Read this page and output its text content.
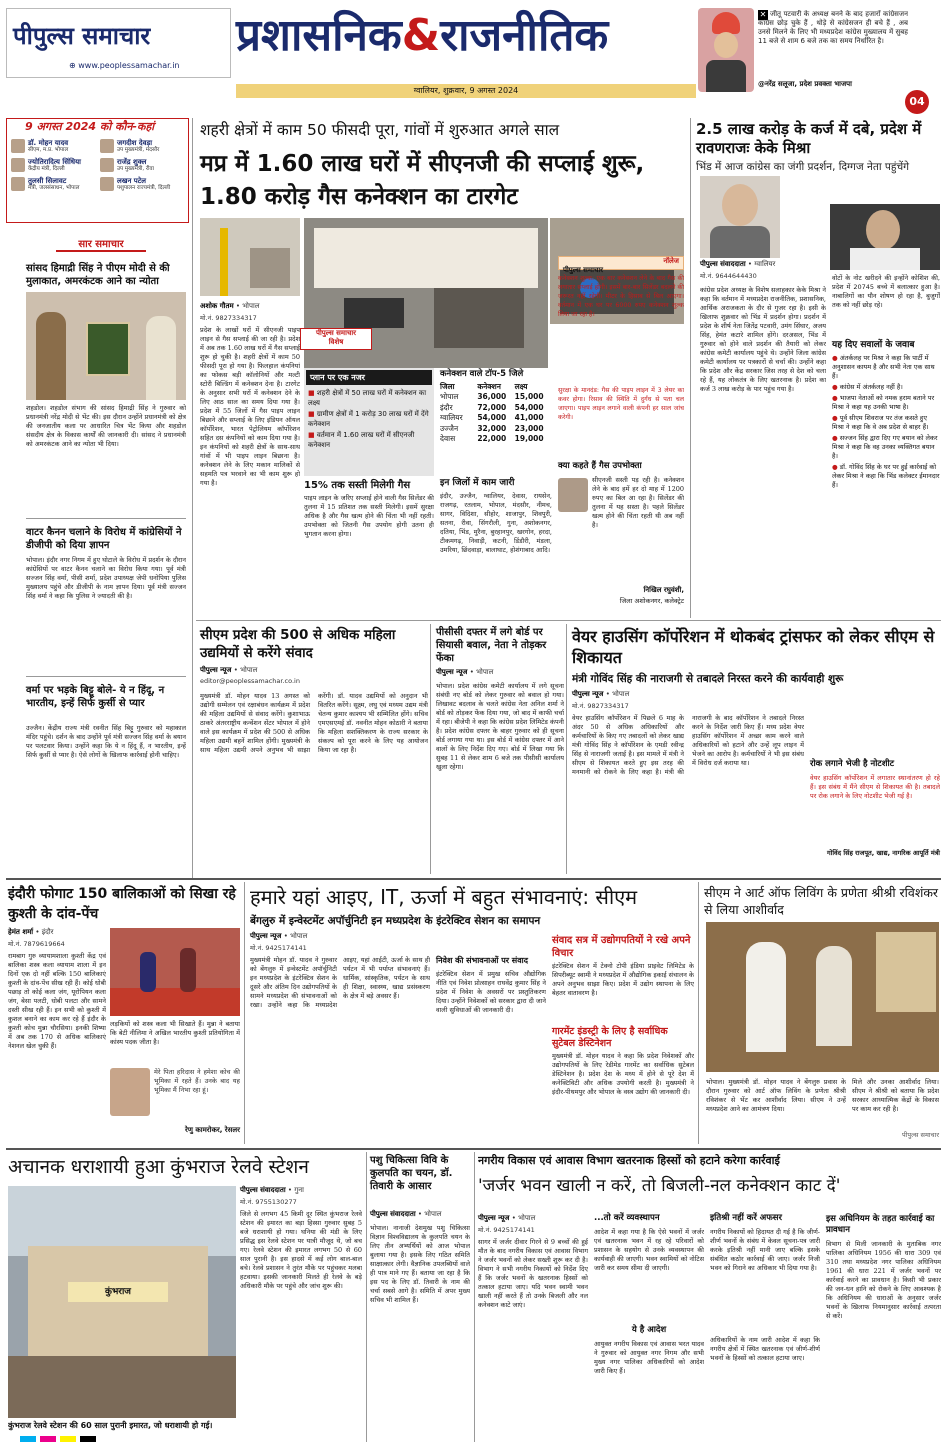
पीपुल्स समाचार
⊕ www.peoplessamachar.in
प्रशासनिक&राजनीतिक
ग्वालियर, शुक्रवार, 9 अगस्त 2024
✕ जीतू पटवारी के अध्यक्ष बनने के बाद हजारों कांग्रेसजन कांग्रेस छोड़ चुके हैं , थोड़े से कांग्रेसजन ही बचे हैं , अब उनसे मिलने के लिए भी मध्यप्रदेश कांग्रेस मुख्यालय में सुबह 11 बजे से शाम 6 बजे तक का समय निर्धारित है।
@नरेंद्र सलूजा, प्रदेश प्रवक्ता भाजपा
04
9 अगस्त 2024 को कौन-कहां
डॉ. मोहन यादव
सीएम, म.प्र. भोपाल
जगदीश देवड़ा
उप मुख्यमंत्री, मंदसौर
ज्योतिरादित्य सिंधिया
केंद्रीय मंत्री, दिल्ली
राजेंद्र शुक्ल
उप मुख्यमंत्री, रीवा
तुलसी सिलावट
मंत्री, जलसंसाधन, भोपाल
लखन पटेल
पशुपालन राज्यमंत्री, दिल्ली
सार समाचार
सांसद हिमाद्री सिंह ने पीएम मोदी से की मुलाकात, अमरकंटक आने का न्योता
शहडोल। शहडोल संभाग की सांसद हिमाद्री सिंह ने गुरुवार को प्रधानमंत्री नरेंद्र मोदी से भेंट की। इस दौरान उन्होंने प्रधानमंत्री को क्षेत्र की जनजातीय कला पर आधारित चित्र भेंट किया और शहडोल संसदीय क्षेत्र के विकास कार्यों की जानकारी दी। सांसद ने प्रधानमंत्री को अमरकंटक आने का न्योता भी दिया।
वाटर कैनन चलाने के विरोध में कांग्रेसियों ने डीजीपी को दिया ज्ञापन
भोपाल। इंदौर नगर निगम में हुए घोटाले के विरोध में प्रदर्शन के दौरान कांग्रेसियों पर वाटर कैनन चलाने का विरोध किया गया। पूर्व मंत्री सज्जन सिंह वर्मा, पीसी शर्मा, प्रदेश उपाध्यक्ष जेपी धनोपिया पुलिस मुख्यालय पहुंचे और डीजीपी के नाम ज्ञापन दिया। पूर्व मंत्री सज्जन सिंह वर्मा ने कहा कि पुलिस ने ज्यादती की है।
वर्मा पर भड़के बिट्टू बोले- ये न हिंदू, न भारतीय, इन्हें सिर्फ कुर्सी से प्यार
उज्जैन। केंद्रीय राज्य मंत्री रवनीत सिंह बिट्टू गुरुवार को महाकाल मंदिर पहुंचे। दर्शन के बाद उन्होंने पूर्व मंत्री सज्जन सिंह वर्मा के बयान पर पलटवार किया। उन्होंने कहा कि ये न हिंदू हैं, न भारतीय, इन्हें सिर्फ कुर्सी से प्यार है। ऐसे लोगों के खिलाफ कार्रवाई होनी चाहिए।
शहरी क्षेत्रों में काम 50 फीसदी पूरा, गांवों में शुरुआत अगले साल
मप्र में 1.60 लाख घरों में सीएनजी की सप्लाई शुरू, 1.80 करोड़ गैस कनेक्शन का टारगेट
अशोक गौतम • भोपाल
मो.नं. 9827334317
प्रदेश के लाखों घरों में सीएनजी पाइप लाइन से गैस सप्लाई की जा रही है। प्रदेश में अब तक 1.60 लाख घरों में गैस सप्लाई शुरू हो चुकी है। शहरी क्षेत्रों में काम 50 फीसदी पूरा हो गया है। फिलहाल कंपनियां का फोकस बड़ी कॉलोनियों और मल्टी स्टोरी बिल्डिंग में कनेक्शन देना है। टारगेट के अनुसार सभी घरों में कनेक्शन देने के लिए आठ साल का समय दिया गया है। प्रदेश में 55 जिलों में गैस पाइप लाइन बिछाने और सप्लाई के लिए इंडियन ऑयल कॉर्पोरेशन, भारत पेट्रोलियम कॉर्पोरेशन सहित दस कंपनियों को काम दिया गया है। इन कंपनियों को शहरी क्षेत्रों के साथ-साथ गांवों में भी पाइप लाइन बिछाना है। कनेक्शन लेने के लिए मकान मालिकों से सहमति पत्र भरवाने का भी काम शुरू हो गया है।
पीपुल्स समाचार
विशेष
प्लान पर एक नजर
■ शहरी क्षेत्रों में 50 लाख घरों में कनेक्शन का लक्ष्य
■ ग्रामीण क्षेत्रों में 1 करोड़ 30 लाख घरों में देंगे कनेक्शन
■ वर्तमान में 1.60 लाख घरों में सीएनजी कनेक्शन
15% तक सस्ती मिलेगी गैस
पाइप लाइन के जरिए सप्लाई होने वाली गैस सिलेंडर की तुलना में 15 प्रतिशत तक सस्ती मिलेगी। इसमें सुरक्षा अधिक है और गैस खत्म होने की चिंता भी नहीं रहती। उपभोक्ता को जितनी गैस उपयोग होगी उतना ही भुगतान करना होगा।
कनेक्शन वाले टॉप-5 जिले
जिला	कनेक्शन	लक्ष्य
भोपाल	36,000	15,000
इंदौर	72,000	54,000
ग्वालियर	54,000	41,000
उज्जैन	32,000	23,000
देवास	22,000	19,000
इन जिलों में काम जारी
इंदौर, उज्जैन, ग्वालियर, देवास, रायसेन, राजगढ़, रतलाम, भोपाल, मंदसौर, नीमच, सागर, विदिशा, सीहोर, शाजापुर, शिवपुरी, सतना, रीवा, सिंगरौली, गुना, अशोकनगर, दतिया, भिंड, मुरैना, बुरहानपुर, खरगोन, हरदा, टीकमगढ़, निवाड़ी, कटनी, डिंडौरी, मंडला, उमरिया, छिंदवाड़ा, बालाघाट, होशंगाबाद आदि।
पीपुल्स समाचार
नॉलेज
कनेक्शन शुल्क: एक बार कनेक्शन लेने के बाद गैस की लगातार सप्लाई होगी। इसमें बार-बार सिलेंडर बदलने की जरूरत नहीं रहेगी। मीटर के हिसाब से बिल आएगा। वर्तमान में एक घर पर 6000 रुपए कनेक्शन शुल्क लिया जा रहा है।
सुरक्षा के मानदंड: गैस की पाइप लाइन में 3 लेयर का कवर होगा। रिसाव की स्थिति में दुर्गंध से पता चल जाएगा। पाइप लाइन लगाने वाली कंपनी हर साल जांच करेगी।
क्या कहते हैं गैस उपभोक्ता
सीएनजी सस्ती पड़ रही है। कनेक्शन लेने के बाद हमें हर दो माह में 1200 रुपए का बिल आ रहा है। सिलेंडर की तुलना में यह सस्ता है। पहले सिलेंडर खत्म होने की चिंता रहती थी अब नहीं है।
निखिल रघुवंशी,
जिला अशोकनगर, कलेक्ट्रेट
2.5 लाख करोड़ के कर्ज में दबे, प्रदेश में रावणराजः केके मिश्रा
भिंड में आज कांग्रेस का जंगी प्रदर्शन, दिग्गज नेता पहुंचेंगे
पीपुल्स संवाददाता • ग्वालियर
मो.नं. 9644644430
कांग्रेस प्रदेश अध्यक्ष के विशेष सलाहकार केके मिश्रा ने कहा कि वर्तमान में मध्यप्रदेश राजनीतिक, प्रशासनिक, आर्थिक अराजकता के दौर से गुजर रहा है। इसी के खिलाफ शुक्रवार को भिंड में प्रदर्शन होगा। प्रदर्शन में प्रदेश के शीर्ष नेता जितेंद्र पटवारी, उमंग सिंघार, अजय सिंह, हेमंत कटारे शामिल होंगे। दरअसल, भिंड में गुरुवार को होने वाले प्रदर्शन की तैयारी को लेकर कांग्रेस कमेटी कार्यालय पहुंचे थे। उन्होंने जिला कांग्रेस कमेटी कार्यालय पर पत्रकारों से चर्चा की। उन्होंने कहा कि प्रदेश और केंद्र सरकार जिस तरह से देश को चला रहे हैं, यह लोकतंत्र के लिए खतरनाक है। प्रदेश का कर्ज 3 लाख करोड़ के पार पहुंच गया है।
वोटों के नोट खरीदने की इन्होंने कोशिश की, प्रदेश में 20745 बच्चे में बलात्कार हुआ है। नाबालिगों का यौन शोषण हो रहा है, बुजुर्गों तक को नहीं छोड़ रहे।
यह दिए सवालों के जवाब
● अंतर्कलह पर मिश्रा ने कहा कि पार्टी में अनुशासन कायम है और सभी नेता एक साथ हैं।
● कांग्रेस में अंतर्कलह नहीं है।
● भाजपा नेताओं को नमक हराम बताने पर मिश्रा ने कहा यह उनकी भाषा है।
● पूर्व सीएम शिवराज पर तंज कसते हुए मिश्रा ने कहा कि वे अब प्रदेश से बाहर हैं।
● सज्जन सिंह द्वारा दिए गए बयान को लेकर मिश्रा ने कहा कि वह उनका व्यक्तिगत बयान है।
● डॉ. गोविंद सिंह के घर पर हुई कार्रवाई को लेकर मिश्रा ने कहा कि भिंड कलेक्टर ईमानदार हैं।
सीएम प्रदेश की 500 से अधिक महिला उद्यमियों से करेंगे संवाद
पीपुल्स न्यूज • भोपाल
editor@peoplessamachar.co.in
मुख्यमंत्री डॉ. मोहन यादव 13 अगस्त को उद्योगी सम्मेलन एवं रक्षाबंधन कार्यक्रम में प्रदेश की महिला उद्यमियों से संवाद करेंगे। कुशाभाऊ ठाकरे अंतरराष्ट्रीय कन्वेंशन सेंटर भोपाल में होने वाले इस कार्यक्रम में प्रदेश की 500 से अधिक महिला उद्यमी बहनें शामिल होंगी। मुख्यमंत्री के साथ महिला उद्यमी अपने अनुभव भी साझा करेंगी। डॉ. यादव उद्यमियों को अनुदान भी वितरित करेंगे। सूक्ष्म, लघु एवं मध्यम उद्यम मंत्री चेतन्य कुमार काश्यप भी सम्मिलित होंगे। सचिव एमएसएमई डॉ. नवनीत मोहन कोठारी ने बताया कि महिला सशक्तिकरण के राज्य सरकार के संकल्प को पूरा करने के लिए यह आयोजन किया जा रहा है।
पीसीसी दफ्तर में लगे बोर्ड पर सियासी बवाल, नेता ने तोड़कर फेंका
पीपुल्स न्यूज • भोपाल
भोपाल। प्रदेश कांग्रेस कमेटी कार्यालय में लगे सूचना संबंधी नए बोर्ड को लेकर गुरुवार को बवाल हो गया। लिखावट बदलाव के चलते कांग्रेस नेता अनिल शर्मा ने बोर्ड को तोड़कर फेंक दिया गया, जो बाद में काफी चर्चा में रहा। बीजेपी ने कहा कि कांग्रेस प्रदेश लिमिटेड कंपनी है। प्रदेश कांग्रेस दफ्तर के बाहर गुरुवार को ही सूचना बोर्ड लगाया गया था। इस बोर्ड में कांग्रेस दफ्तर में आने वालों के लिए निर्देश दिए गए। बोर्ड में लिखा गया कि सुबह 11 से लेकर शाम 6 बजे तक पीसीसी कार्यालय खुला रहेगा।
वेयर हाउसिंग कॉर्पोरेशन में थोकबंद ट्रांसफर को लेकर सीएम से शिकायत
मंत्री गोविंद सिंह की नाराजगी से तबादले निरस्त करने की कार्यवाही शुरू
पीपुल्स न्यूज • भोपाल
मो.नं. 9827334317
वेयर हाउसिंग कॉर्पोरेशन में पिछले 6 माह के अंदर 50 से अधिक अधिकारियों और कर्मचारियों के किए गए तबादलों को लेकर खाद्य मंत्री गोविंद सिंह ने कॉर्पोरेशन के एमडी रवीन्द्र सिंह से नाराजगी जताई है। इस मामले में मंत्री ने सीएम से शिकायत करते हुए इस तरह की मनमानी को रोकने के लिए कहा है। मंत्री की नाराजगी के बाद कॉर्पोरेशन ने तबादले निरस्त करने के निर्देश जारी किए हैं। मध्य प्रदेश वेयर हाउसिंग कॉर्पोरेशन में अच्छा काम करने वाले अधिकारियों को हटाने और उन्हें लूप लाइन में भेजने का आरोप है। कर्मचारियों ने भी इस संबंध में विरोध दर्ज कराया था।	रोक लगाने भेजी है नोटशीट
वेयर हाउसिंग कॉर्पोरेशन में लगातार स्थानांतरण हो रहे हैं। इस संबंध में मैंने सीएम से शिकायत की है। तबादले पर रोक लगाने के लिए नोटशीट भेजी गई है।
गोविंद सिंह राजपूत, खाद्य, नागरिक आपूर्ति मंत्री
इंदौरी फोगाट 150 बालिकाओं को सिखा रहे कुश्ती के दांव-पेंच
हेमंत शर्मा • इंदौर
मो.नं. 7879619664
रामबाग गुरु व्यायामशाला कुश्ती केंद्र एवं बालिका शस्त्र कला व्यायाम शाला में इन दिनों एक दो नहीं बल्कि 150 बालिकाएं कुश्ती के दांव-पेंच सीख रही हैं। कोई धोबी पछाड़ तो कोई कला जंग, यूरोपियन कला जंग, बेसा पलटी, धोबी पलटा और सामने दस्ती सीख रही हैं। इन सभी को कुश्ती में कुशल बनाने का काम कर रहे हैं इंदौर के कुश्ती कोच मुन्ना चौरसिया। इनकी शिष्या में अब तक 170 से अधिक बालिकाएं नेशनल खेल चुकी हैं।
लड़कियों को शस्त्र कला भी सिखाते हैं। मुन्ना ने बताया कि बेटी नीलिमा ने अखिल भारतीय कुश्ती प्रतियोगिता में कांस्य पदक जीता है।
मेरे पिता हरिदास ने हमेशा कोच की भूमिका में रहते हैं। उनके बाद यह भूमिका मैं निभा रहा हूं।
रेणु कामरोकर, रेसलर
हमारे यहां आइए, IT, ऊर्जा में बहुत संभावनाएं: सीएम
बेंगलुरु में इन्वेस्टमेंट अपॉर्चुनिटी इन मध्यप्रदेश के इंटरेक्टिव सेशन का समापन
पीपुल्स न्यूज • भोपाल
मो.नं. 9425174141
मुख्यमंत्री मोहन डॉ. यादव ने गुरुवार को बेंगलुरु में इन्वेस्टमेंट अपॉर्चुनिटी इन मध्यप्रदेश के इंटरेक्टिव सेशन के दूसरे और अंतिम दिन उद्योगपतियों के सामने मध्यप्रदेश की संभावनाओं को रखा। उन्होंने कहा कि मध्यप्रदेश आइए, यहां आईटी, ऊर्जा के साथ ही पर्यटन में भी पर्याप्त संभावनाएं हैं। धार्मिक, सांस्कृतिक, पर्यटन के साथ ही शिक्षा, स्वास्थ्य, खाद्य प्रसंस्करण के क्षेत्र में बड़े अवसर हैं।
निवेश की संभावनाओं पर संवाद
इंटरेक्टिव सेशन में प्रमुख सचिव औद्योगिक नीति एवं निवेश प्रोत्साहन राघवेंद्र कुमार सिंह ने प्रदेश में निवेश के अवसरों पर प्रस्तुतिकरण दिया। उन्होंने निवेशकों को सरकार द्वारा दी जाने वाली सुविधाओं की जानकारी दी।
संवाद सत्र में उद्योगपतियों ने रखे अपने विचार
इंटरेक्टिव सेशन में टेक्नो टोपी इंडिया प्राइवेट लिमिटेड के सिपरीब्यूट स्वामी ने मध्यप्रदेश में औद्योगिक इकाई संचालन के अपने अनुभव साझा किए। प्रदेश में उद्योग स्थापना के लिए बेहतर वातावरण है।
गारमेंट इंडस्ट्री के लिए है सर्वाधिक सुटेबल डेस्टिनेशन
मुख्यमंत्री डॉ. मोहन यादव ने कहा कि प्रदेश निवेशकों और उद्योगपतियों के लिए रेडीमेड गारमेंट का सर्वाधिक सुटेबल डेस्टिनेशन है। प्रदेश देश के मध्य में होने से पूरे देश में कनेक्टिविटी और अधिक उपयोगी करती है। मुख्यमंत्री ने इंदौर-पीथमपुर और भोपाल के वस्त्र उद्योग की जानकारी दी।
सीएम ने आर्ट ऑफ लिविंग के प्रणेता श्रीश्री रविशंकर से लिया आशीर्वाद
भोपाल। मुख्यमंत्री डॉ. मोहन यादव ने बेंगलुरु प्रवास के दौरान गुरुवार को आर्ट ऑफ लिविंग के प्रणेता श्रीश्री रविशंकर से भेंट कर आशीर्वाद लिया। सीएम ने उन्हें मध्यप्रदेश आने का आमंत्रण दिया।
मिले और उनका आशीर्वाद लिया। सीएम ने श्रीश्री को बताया कि प्रदेश सरकार आध्यात्मिक केंद्रों के विकास पर काम कर रही है।
पीपुल्स समाचार
अचानक धराशायी हुआ कुंभराज रेलवे स्टेशन
कुंभराज
कुंभराज रेलवे स्टेशन की 60 साल पुरानी इमारत, जो धराशायी हो गई।
पीपुल्स संवाददाता • गुना
मो.नं. 9755130277
जिले से लगभग 45 किमी दूर स्थित कुंभराज रेलवे स्टेशन की इमारत का बड़ा हिस्सा गुरुवार सुबह 5 बजे धराशायी हो गया। घनिया की मंडी के लिए प्रसिद्ध इस रेलवे स्टेशन पर यात्री मौजूद थे, जो बच गए। रेलवे स्टेशन की इमारत लगभग 50 से 60 साल पुरानी है। इस हादसे में कई लोग बाल-बाल बचे। रेलवे प्रशासन ने तुरंत मौके पर पहुंचकर मलबा हटवाया। इसकी जानकारी मिलते ही रेलवे के बड़े अधिकारी मौके पर पहुंचे और जांच शुरू की।
पशु चिकित्सा विवि के कुलपति का चयन, डॉ. तिवारी के आसार
पीपुल्स संवाददाता • भोपाल
भोपाल। नानाजी देशमुख पशु चिकित्सा विज्ञान विश्वविद्यालय के कुलपति चयन के लिए तीन अभ्यर्थियों को आज भोपाल बुलाया गया है। इसके लिए गठित समिति साक्षात्कार लेगी। वैज्ञानिक उपलब्धियों वाले ही पात्र माने गए हैं। बताया जा रहा है कि इस पद के लिए डॉ. तिवारी के नाम की चर्चा सबसे आगे है। समिति में अपर मुख्य सचिव भी शामिल हैं।
नगरीय विकास एवं आवास विभाग खतरनाक हिस्सों को हटाने करेगा कार्रवाई
'जर्जर भवन खाली न करें, तो बिजली-नल कनेक्शन काट दें'
पीपुल्स न्यूज • भोपाल
मो.नं. 9425174141
सागर में जर्जर दीवार गिरने से 9 बच्चों की हुई मौत के बाद नगरीय विकास एवं आवास विभाग ने जर्जर भवनों को लेकर सख्ती शुरू कर दी है। विभाग ने सभी नगरीय निकायों को निर्देश दिए हैं कि जर्जर भवनों के खतरनाक हिस्सों को तत्काल हटाया जाए। यदि भवन स्वामी भवन खाली नहीं करते हैं तो उनके बिजली और नल कनेक्शन काटे जाएं।
...तो करें व्यवस्थापन
आदेश में कहा गया है कि ऐसे भवनों में जर्जर एवं खतरनाक भवन में रह रहे परिवारों को प्रशासन के सहयोग से उनके व्यवस्थापन की कार्यवाही की जाएगी। भवन स्वामियों को नोटिस जारी कर समय सीमा दी जाएगी।
ये है आदेश
आयुक्त नगरीय विकास एवं आवास भरत यादव ने गुरुवार को आयुक्त नगर निगम और सभी मुख्य नगर पालिका अधिकारियों को आदेश जारी किए हैं।
इतिश्री नहीं करें अफसर
नगरीय निकायों को हिदायत दी गई है कि जीर्ण-शीर्ण भवनों के संबंध में केवल सूचना-पत्र जारी करके इतिश्री नहीं मानी जाए बल्कि इसके संबंधित कठोर कार्रवाई की जाए। जर्जर निजी भवन को गिराने का अधिकार भी दिया गया है।
अधिकारियों के नाम जारी आदेश में कहा कि नगरीय क्षेत्रों में स्थित खतरनाक एवं जीर्ण-शीर्ण भवनों के हिस्सों को तत्काल हटाया जाए।
इस अधिनियम के तहत कार्रवाई का प्रावधान
विभाग से मिली जानकारी के मुताबिक नगर पालिका अधिनियम 1956 की धारा 309 एवं 310 तथा मध्यप्रदेश नगर पालिका अधिनियम 1961 की धारा 221 में जर्जर भवनों पर कार्रवाई करने का प्रावधान है। किसी भी प्रकार की जन-धन हानि को रोकने के लिए आवश्यक है कि अधिनियम की धाराओं के अनुसार जर्जर भवनों के खिलाफ नियमानुसार कार्रवाई तत्परता से करें।
